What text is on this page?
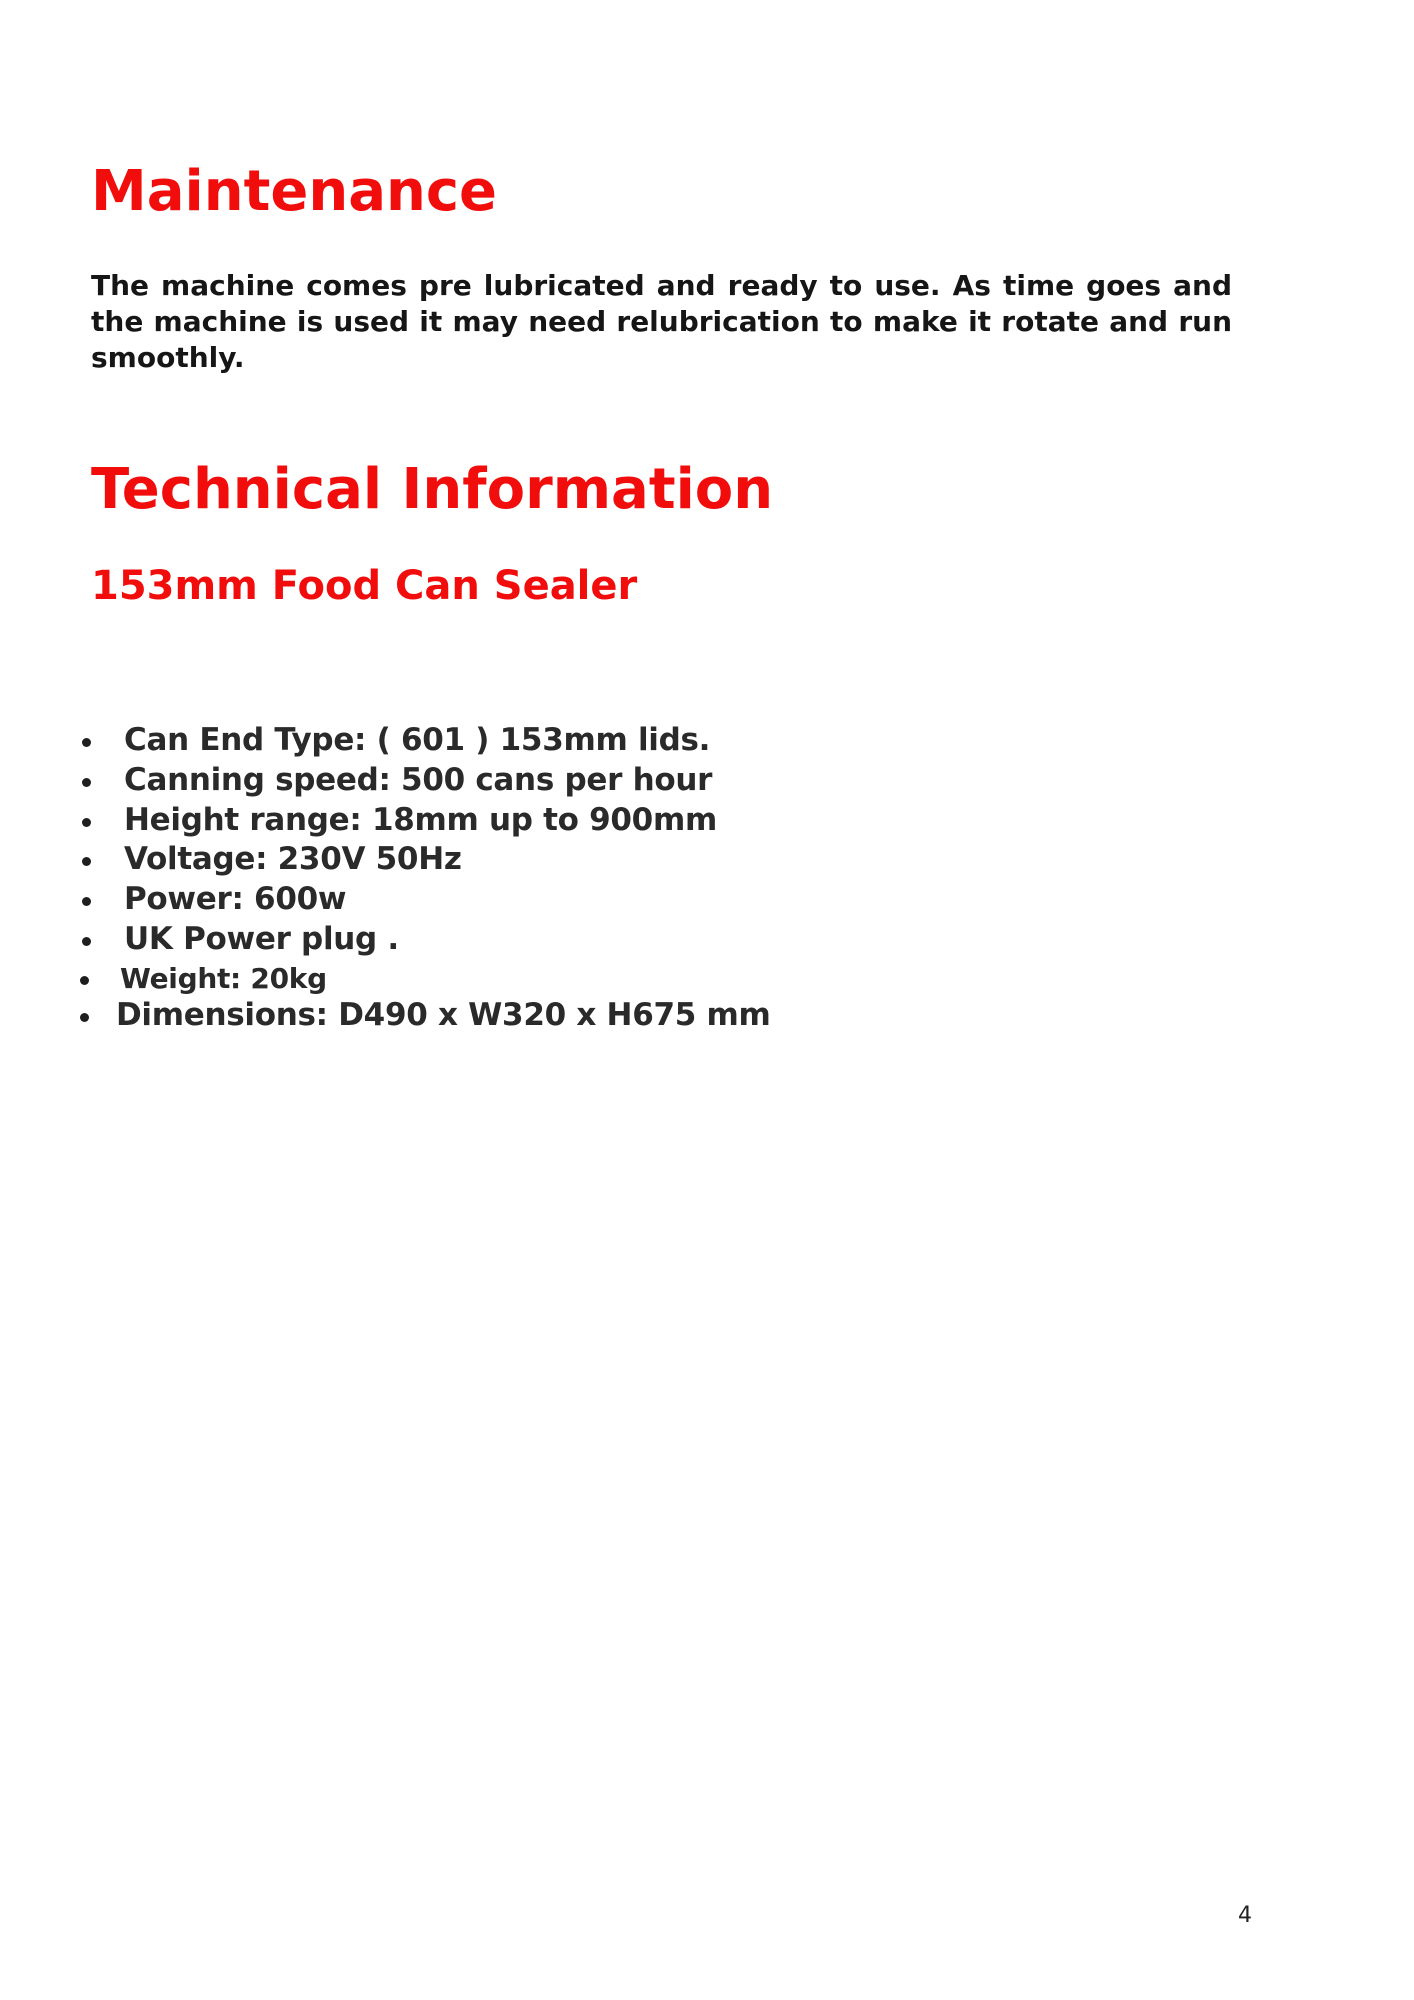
Maintenance

The machine comes pre lubricated and ready to use. As time goes and the machine is used it may need relubrication to make it rotate and run smoothly.

Technical Information
153mm Food Can Sealer
Can End Type: ( 601 ) 153mm lids.
Canning speed: 500 cans per hour
Height range: 18mm up to 900mm
Voltage: 230V 50Hz
Power: 600w
UK Power plug .
Weight: 20kg
Dimensions: D490 x W320 x H675 mm
4
